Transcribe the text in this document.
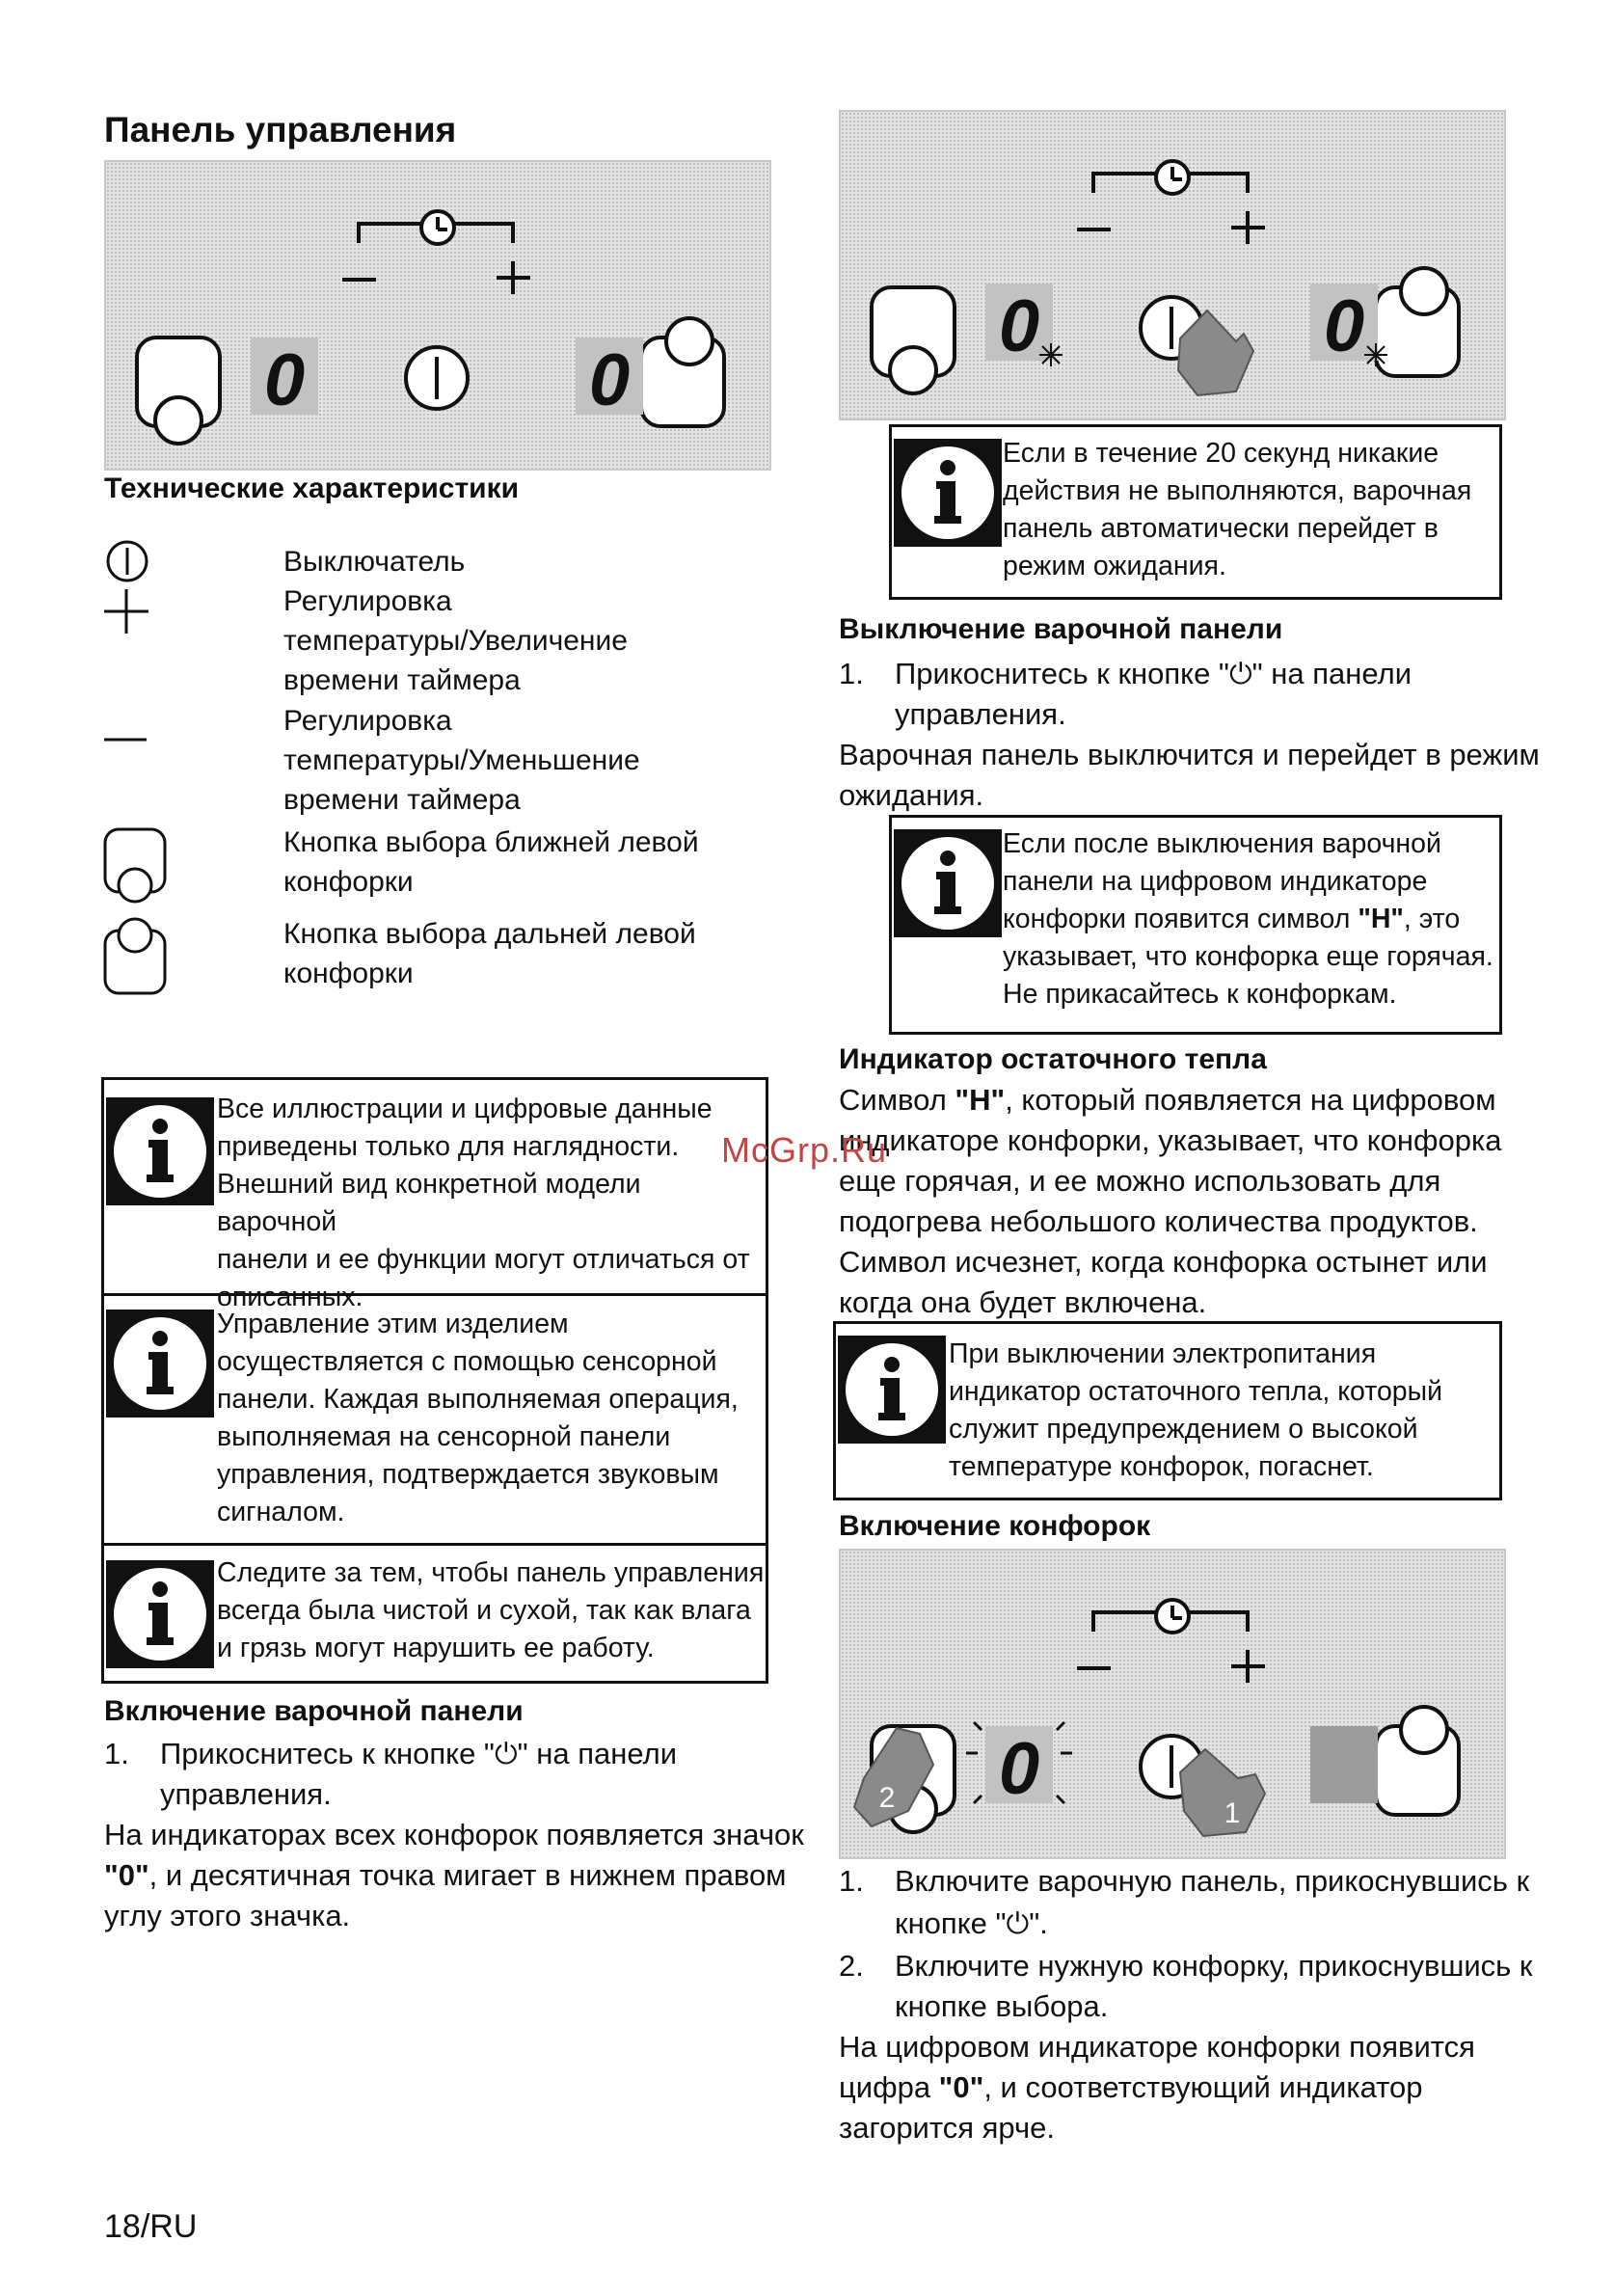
Панель управления
0	0
Технические характеристики
Выключатель
Регулировка
температуры/Увеличение
времени таймера
Регулировка
температуры/Уменьшение
времени таймера
Кнопка выбора ближней левой
конфорки
Кнопка выбора дальней левой
конфорки
Все иллюстрации и цифровые данные
приведены только для наглядности.
Внешний вид конкретной модели варочной
панели и ее функции могут отличаться от
описанных.
Управление этим изделием
осуществляется с помощью сенсорной
панели. Каждая выполняемая операция,
выполняемая на сенсорной панели
управления, подтверждается звуковым
сигналом.
Следите за тем, чтобы панель управления
всегда была чистой и сухой, так как влага
и грязь могут нарушить ее работу.
Включение варочной панели
1. Прикоснитесь к кнопке "⏻" на панели
управления.
На индикаторах всех конфорок появляется значок
"0", и десятичная точка мигает в нижнем правом
углу этого значка.
18/RU
0	0
Если в течение 20 секунд никакие
действия не выполняются, варочная
панель автоматически перейдет в
режим ожидания.
Выключение варочной панели
1. Прикоснитесь к кнопке "⏻" на панели
управления.
Варочная панель выключится и перейдет в режим
ожидания.
Если после выключения варочной
панели на цифровом индикаторе
конфорки появится символ "H", это
указывает, что конфорка еще горячая.
Не прикасайтесь к конфоркам.
Индикатор остаточного тепла
Символ "H", который появляется на цифровом
индикаторе конфорки, указывает, что конфорка
еще горячая, и ее можно использовать для
подогрева небольшого количества продуктов.
Символ исчезнет, когда конфорка остынет или
когда она будет включена.
McGrp.Ru
При выключении электропитания
индикатор остаточного тепла, который
служит предупреждением о высокой
температуре конфорок, погаснет.
Включение конфорок
0
2	1
1. Включите варочную панель, прикоснувшись к
кнопке "⏻".
2. Включите нужную конфорку, прикоснувшись к
кнопке выбора.
На цифровом индикаторе конфорки появится
цифра "0", и соответствующий индикатор
загорится ярче.
